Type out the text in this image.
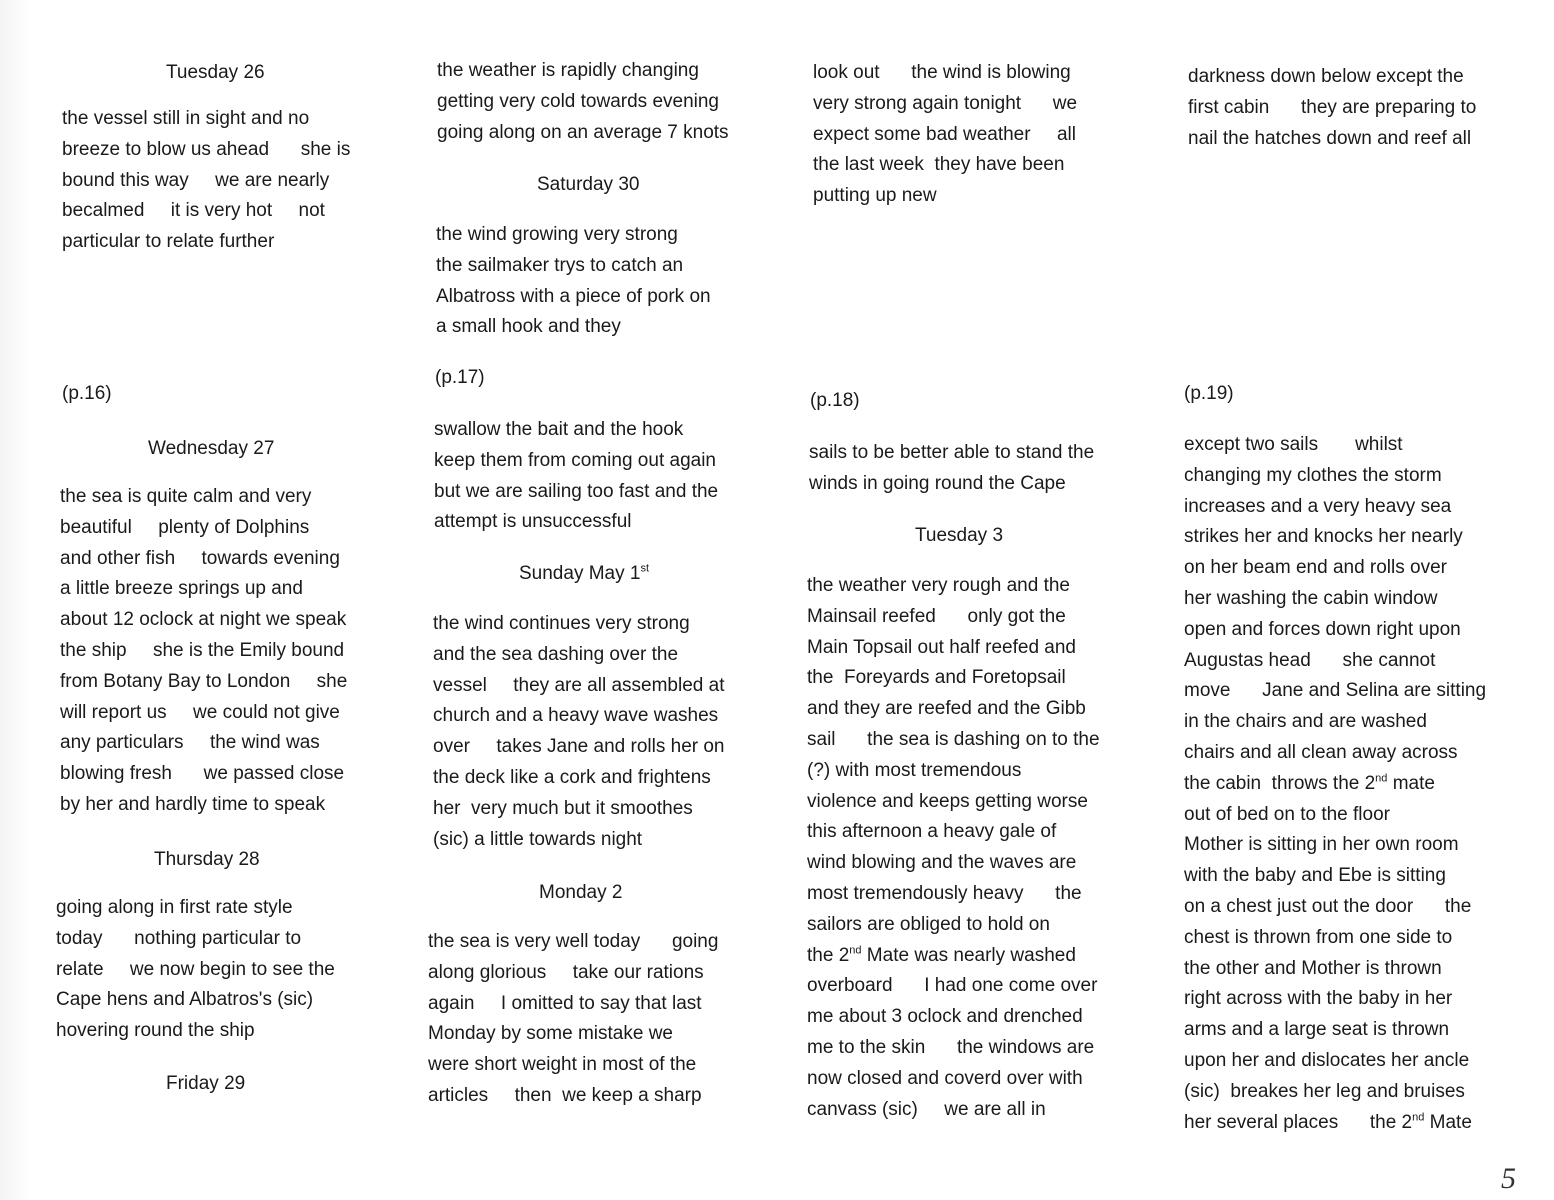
Tuesday 26
the vessel still in sight and no
breeze to blow us ahead      she is
bound this way     we are nearly
becalmed     it is very hot     not
particular to relate further
(p.16)
Wednesday 27
the sea is quite calm and very
beautiful     plenty of Dolphins
and other fish     towards evening
a little breeze springs up and
about 12 oclock at night we speak
the ship     she is the Emily bound
from Botany Bay to London     she
will report us     we could not give
any particulars     the wind was
blowing fresh      we passed close
by her and hardly time to speak
Thursday 28
going along in first rate style
today      nothing particular to
relate     we now begin to see the
Cape hens and Albatros's (sic)
hovering round the ship
Friday 29
the weather is rapidly changing
getting very cold towards evening
going along on an average 7 knots
Saturday 30
the wind growing very strong
the sailmaker trys to catch an
Albatross with a piece of pork on
a small hook and they
(p.17)
swallow the bait and the hook
keep them from coming out again
but we are sailing too fast and the
attempt is unsuccessful
Sunday May 1st
the wind continues very strong
and the sea dashing over the
vessel     they are all assembled at
church and a heavy wave washes
over     takes Jane and rolls her on
the deck like a cork and frightens
her  very much but it smoothes
(sic) a little towards night
Monday 2
the sea is very well today      going
along glorious     take our rations
again     I omitted to say that last
Monday by some mistake we
were short weight in most of the
articles     then  we keep a sharp
look out      the wind is blowing
very strong again tonight      we
expect some bad weather     all
the last week  they have been
putting up new
(p.18)
sails to be better able to stand the
winds in going round the Cape
Tuesday 3
the weather very rough and the
Mainsail reefed      only got the
Main Topsail out half reefed and
the  Foreyards and Foretopsail
and they are reefed and the Gibb
sail      the sea is dashing on to the
(?) with most tremendous
violence and keeps getting worse
this afternoon a heavy gale of
wind blowing and the waves are
most tremendously heavy      the
sailors are obliged to hold on
the 2nd Mate was nearly washed
overboard      I had one come over
me about 3 oclock and drenched
me to the skin      the windows are
now closed and coverd over with
canvass (sic)     we are all in
darkness down below except the
first cabin      they are preparing to
nail the hatches down and reef all
(p.19)
except two sails       whilst
changing my clothes the storm
increases and a very heavy sea
strikes her and knocks her nearly
on her beam end and rolls over
her washing the cabin window
open and forces down right upon
Augustas head      she cannot
move      Jane and Selina are sitting
in the chairs and are washed
chairs and all clean away across
the cabin  throws the 2nd mate
out of bed on to the floor
Mother is sitting in her own room
with the baby and Ebe is sitting
on a chest just out the door      the
chest is thrown from one side to
the other and Mother is thrown
right across with the baby in her
arms and a large seat is thrown
upon her and dislocates her ancle
(sic)  breakes her leg and bruises
her several places      the 2nd Mate
5
